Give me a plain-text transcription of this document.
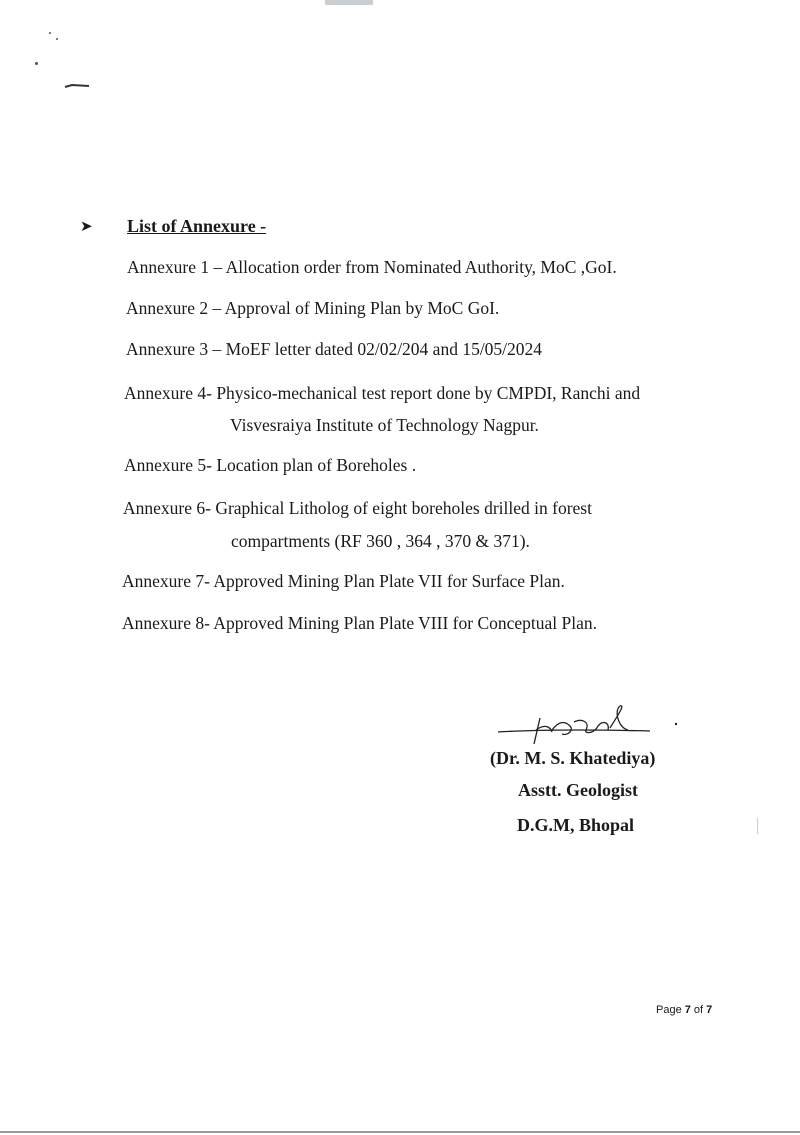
➤ List of Annexure -
Annexure 1 – Allocation order from Nominated Authority, MoC ,GoI.
Annexure 2 – Approval of Mining Plan by MoC GoI.
Annexure 3 – MoEF letter dated 02/02/204 and 15/05/2024
Annexure 4- Physico-mechanical test report done by CMPDI, Ranchi and
Visvesraiya Institute of Technology Nagpur.
Annexure 5- Location plan of Boreholes .
Annexure 6- Graphical Litholog of eight boreholes drilled in forest
compartments (RF 360 , 364 , 370 & 371).
Annexure 7- Approved Mining Plan Plate VII for Surface Plan.
Annexure 8- Approved Mining Plan Plate VIII for Conceptual Plan.
(Dr. M. S. Khatediya)
Asstt. Geologist
D.G.M, Bhopal
Page 7 of 7
